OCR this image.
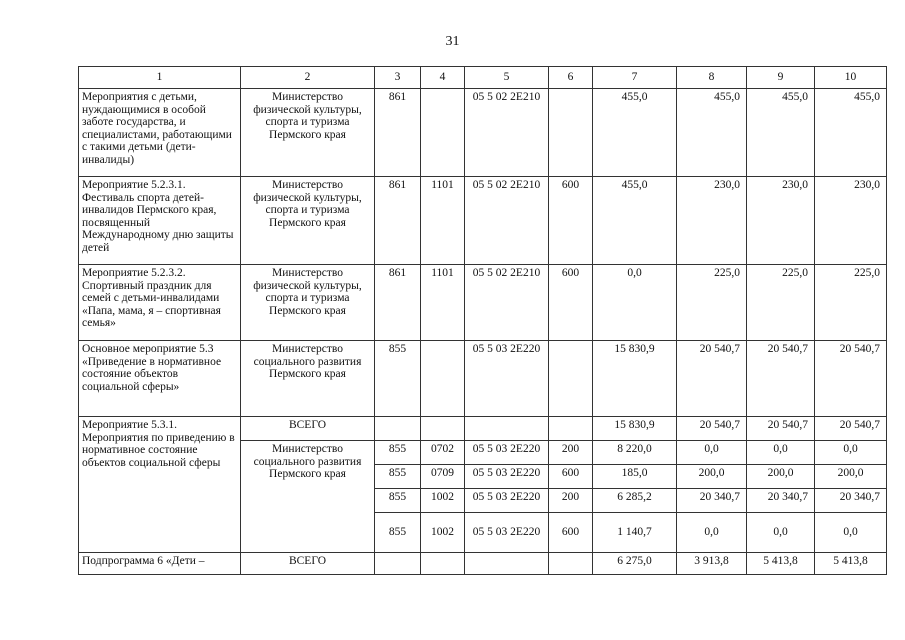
31
1	2	3	4	5	6	7	8	9	10
Мероприятия с детьми, нуждающимися в особой заботе государства, и специалистами, работающими с такими детьми (дети-инвалиды)	Министерство физической культуры, спорта и туризма Пермского края	861		05 5 02 2Е210		455,0	455,0	455,0	455,0
Мероприятие 5.2.3.1. Фестиваль спорта детей-инвалидов Пермского края, посвященный Международному дню защиты детей	Министерство физической культуры, спорта и туризма Пермского края	861	1101	05 5 02 2Е210	600	455,0	230,0	230,0	230,0
Мероприятие 5.2.3.2. Спортивный праздник для семей с детьми-инвалидами «Папа, мама, я – спортивная семья»	Министерство физической культуры, спорта и туризма Пермского края	861	1101	05 5 02 2Е210	600	0,0	225,0	225,0	225,0
Основное мероприятие 5.3 «Приведение в нормативное состояние объектов социальной сферы»	Министерство социального развития Пермского края	855		05 5 03 2Е220		15 830,9	20 540,7	20 540,7	20 540,7
Мероприятие 5.3.1. Мероприятия по приведению в нормативное состояние объектов социальной сферы	ВСЕГО					15 830,9	20 540,7	20 540,7	20 540,7
	Министерство социального развития Пермского края	855	0702	05 5 03 2Е220	200	8 220,0	0,0	0,0	0,0
		855	0709	05 5 03 2Е220	600	185,0	200,0	200,0	200,0
		855	1002	05 5 03 2Е220	200	6 285,2	20 340,7	20 340,7	20 340,7
		855	1002	05 5 03 2Е220	600	1 140,7	0,0	0,0	0,0
Подпрограмма 6 «Дети –	ВСЕГО					6 275,0	3 913,8	5 413,8	5 413,8
